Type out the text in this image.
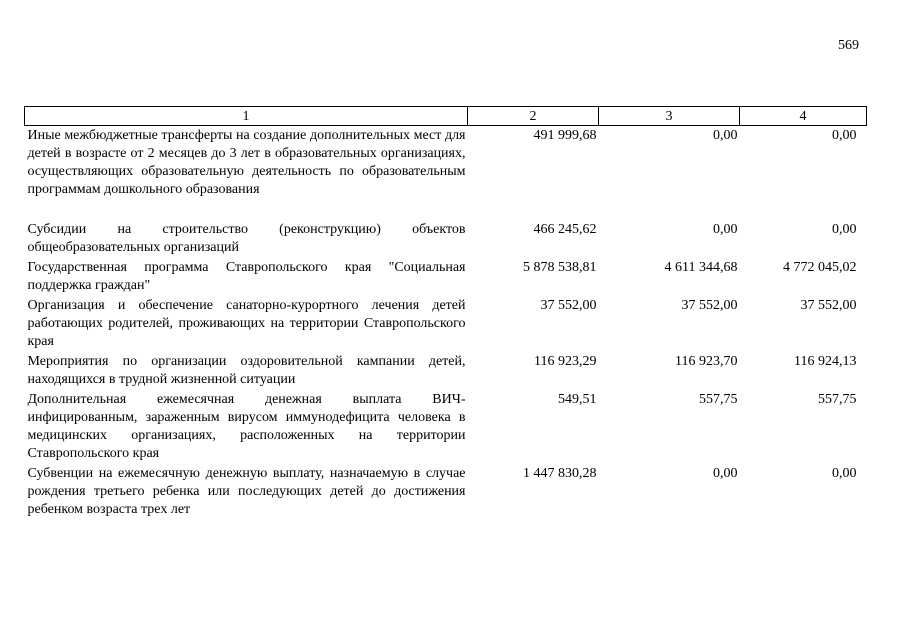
569
1	2	3	4
Иные межбюджетные трансферты на создание дополнительных мест для детей в возрасте от 2 месяцев до 3 лет в образовательных организациях, осуществляющих образовательную деятельность по образовательным программам дошкольного образования	491 999,68	0,00	0,00
Субсидии на строительство (реконструкцию) объектов общеобразовательных организаций	466 245,62	0,00	0,00
Государственная программа Ставропольского края "Социальная поддержка граждан"	5 878 538,81	4 611 344,68	4 772 045,02
Организация и обеспечение санаторно-курортного лечения детей работающих родителей, проживающих на территории Ставропольского края	37 552,00	37 552,00	37 552,00
Мероприятия по организации оздоровительной кампании детей, находящихся в трудной жизненной ситуации	116 923,29	116 923,70	116 924,13
Дополнительная ежемесячная денежная выплата ВИЧ-инфицированным, зараженным вирусом иммунодефицита человека в медицинских организациях, расположенных на территории Ставропольского края	549,51	557,75	557,75
Субвенции на ежемесячную денежную выплату, назначаемую в случае рождения третьего ребенка или последующих детей до достижения ребенком возраста трех лет	1 447 830,28	0,00	0,00
